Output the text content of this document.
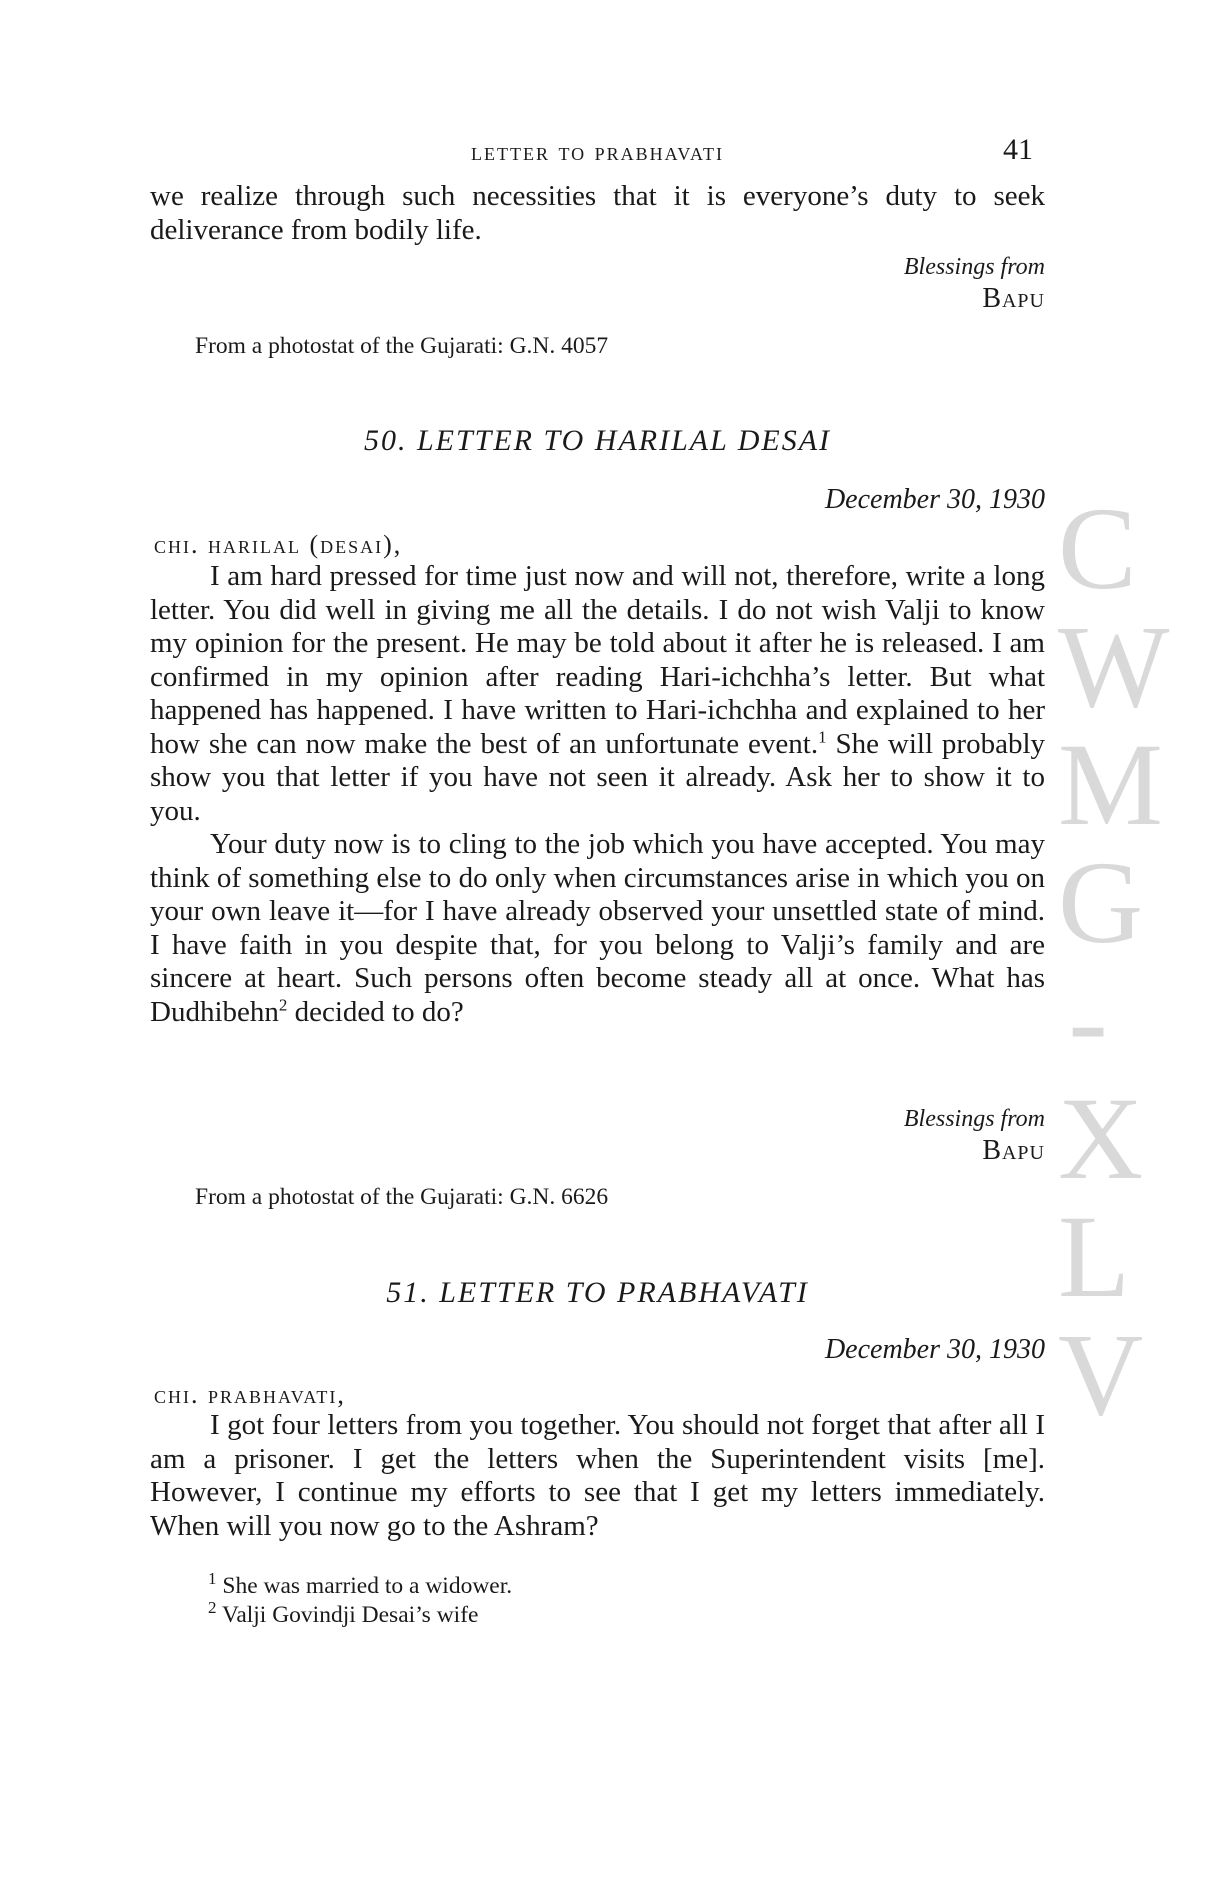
letter to prabhavati	41

we realize through such necessities that it is everyone’s duty to seek deliverance from bodily life.

Blessings from
Bapu
From a photostat of the Gujarati: G.N. 4057
50. LETTER TO HARILAL DESAI
December 30, 1930
chi. harilal (desai),

I am hard pressed for time just now and will not, therefore, write a long letter. You did well in giving me all the details. I do not wish Valji to know my opinion for the present. He may be told about it after he is released. I am confirmed in my opinion after reading Hari-ichchha’s letter. But what happened has happened. I have written to Hari-ichchha and explained to her how she can now make the best of an unfortunate event.$^1$ She will probably show you that letter if you have not seen it already. Ask her to show it to you.

Your duty now is to cling to the job which you have accepted. You may think of something else to do only when circumstances arise in which you on your own leave it—for I have already observed your unsettled state of mind. I have faith in you despite that, for you belong to Valji’s family and are sincere at heart. Such persons often become steady all at once. What has Dudhibehn$^2$ decided to do?

Blessings from
Bapu
From a photostat of the Gujarati: G.N. 6626
51. LETTER TO PRABHAVATI
December 30, 1930
chi. prabhavati,

I got four letters from you together. You should not forget that after all I am a prisoner. I get the letters when the Superintendent visits [me]. However, I continue my efforts to see that I get my letters immediately. When will you now go to the Ashram?

$^1$ She was married to a widower.
$^2$ Valji Govindji Desai’s wife
C
W
M
G
-
X
L
V
